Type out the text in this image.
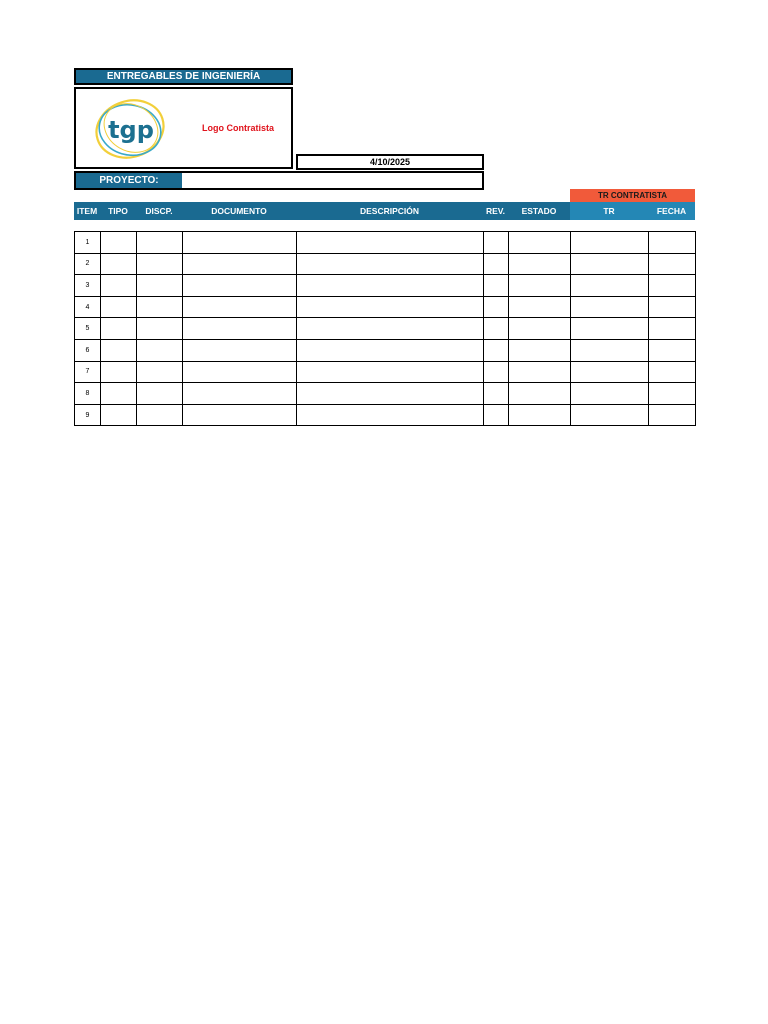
ENTREGABLES DE INGENIERÍA
tgp	Logo Contratista
4/10/2025
PROYECTO:
TR CONTRATISTA
ITEM	TIPO	DISCP.	DOCUMENTO	DESCRIPCIÓN	REV.	ESTADO	TR	FECHA
1								
2								
3								
4								
5								
6								
7								
8								
9								
